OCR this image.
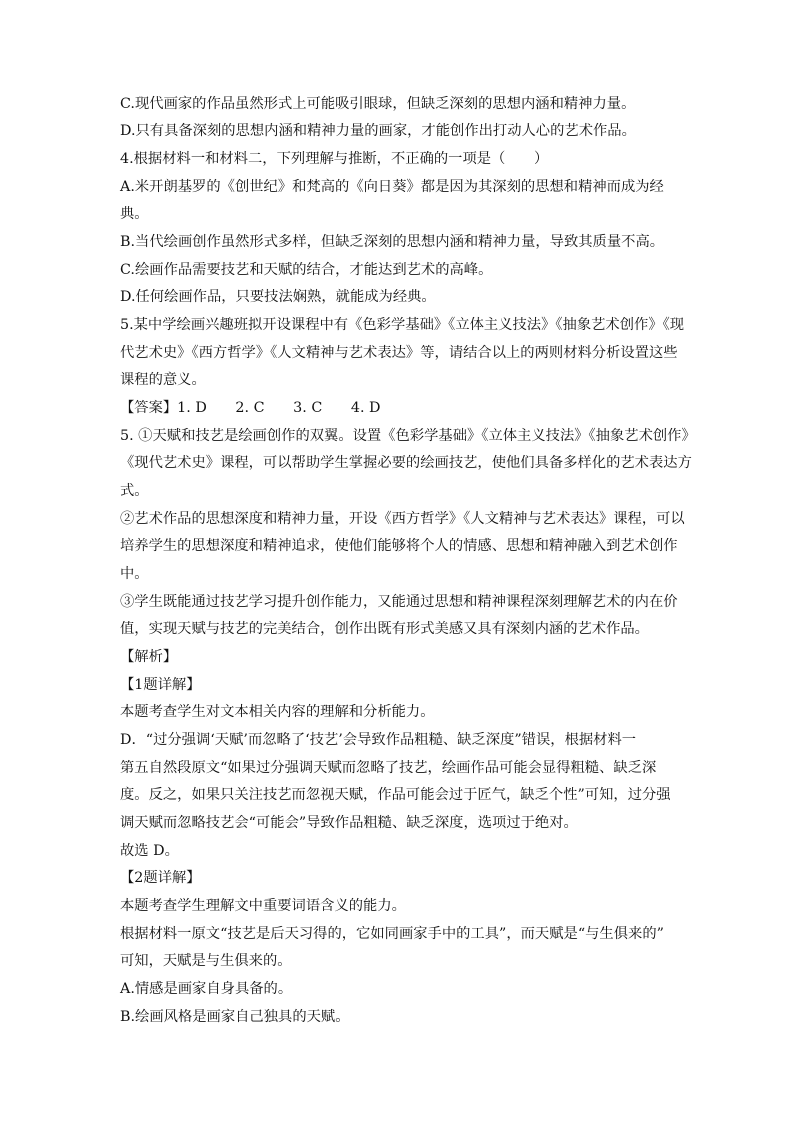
C.现代画家的作品虽然形式上可能吸引眼球，但缺乏深刻的思想内涵和精神力量。
D.只有具备深刻的思想内涵和精神力量的画家，才能创作出打动人心的艺术作品。
4.根据材料一和材料二，下列理解与推断，不正确的一项是（　　）
A.米开朗基罗的《创世纪》和梵高的《向日葵》都是因为其深刻的思想和精神而成为经
典。
B.当代绘画创作虽然形式多样，但缺乏深刻的思想内涵和精神力量，导致其质量不高。
C.绘画作品需要技艺和天赋的结合，才能达到艺术的高峰。
D.任何绘画作品，只要技法娴熟，就能成为经典。
5.某中学绘画兴趣班拟开设课程中有《色彩学基础》《立体主义技法》《抽象艺术创作》《现
代艺术史》《西方哲学》《人文精神与艺术表达》等，请结合以上的两则材料分析设置这些
课程的意义。
【答案】1. D　　2. C　　3. C　　4. D
5. ①天赋和技艺是绘画创作的双翼。设置《色彩学基础》《立体主义技法》《抽象艺术创作》
《现代艺术史》课程，可以帮助学生掌握必要的绘画技艺，使他们具备多样化的艺术表达方
式。
②艺术作品的思想深度和精神力量，开设《西方哲学》《人文精神与艺术表达》课程，可以
培养学生的思想深度和精神追求，使他们能够将个人的情感、思想和精神融入到艺术创作
中。
③学生既能通过技艺学习提升创作能力，又能通过思想和精神课程深刻理解艺术的内在价
值，实现天赋与技艺的完美结合，创作出既有形式美感又具有深刻内涵的艺术作品。
【解析】
【1题详解】
本题考查学生对文本相关内容的理解和分析能力。
D．“过分强调‘天赋’而忽略了‘技艺’会导致作品粗糙、缺乏深度”错误，根据材料一
第五自然段原文“如果过分强调天赋而忽略了技艺，绘画作品可能会显得粗糙、缺乏深
度。反之，如果只关注技艺而忽视天赋，作品可能会过于匠气，缺乏个性”可知，过分强
调天赋而忽略技艺会“可能会”导致作品粗糙、缺乏深度，选项过于绝对。
故选 D。
【2题详解】
本题考查学生理解文中重要词语含义的能力。
根据材料一原文“技艺是后天习得的，它如同画家手中的工具”，而天赋是“与生俱来的”
可知，天赋是与生俱来的。
A.情感是画家自身具备的。
B.绘画风格是画家自己独具的天赋。
